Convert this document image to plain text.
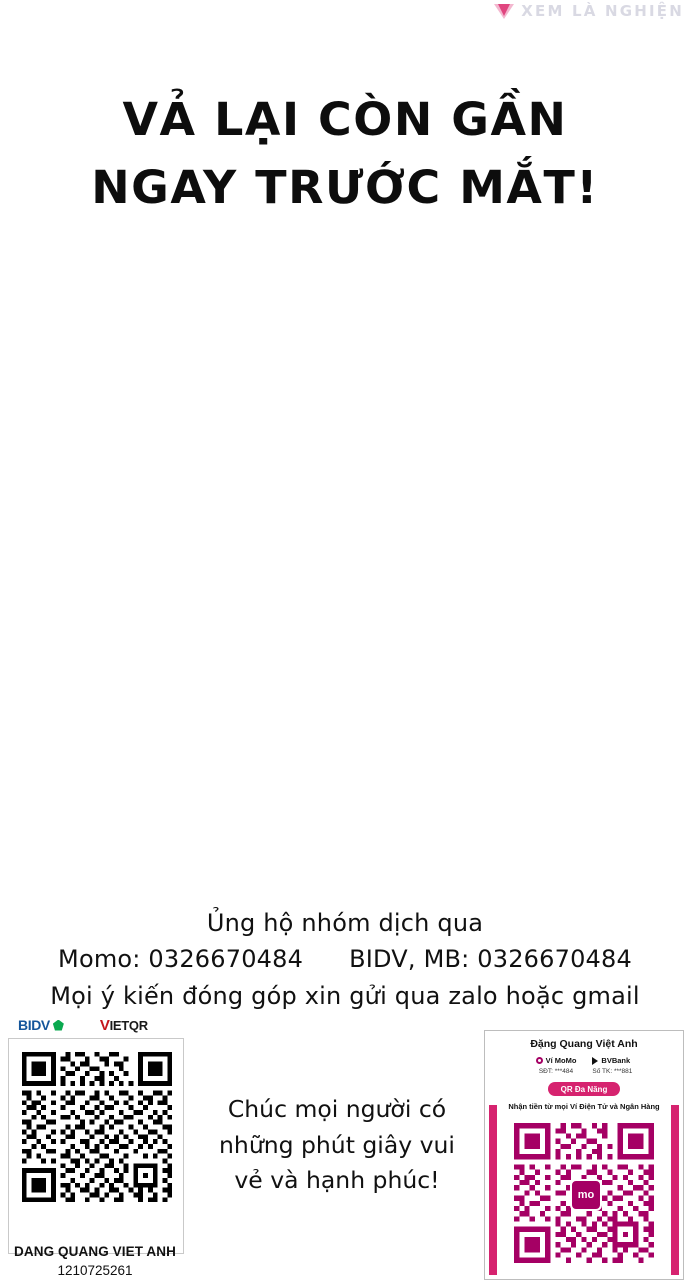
XEM LÀ NGHIỆN
VẢ LẠI CÒN GẦN
NGAY TRƯỚC MẮT!
Ủng hộ nhóm dịch qua
Momo: 0326670484 BIDV, MB: 0326670484
Mọi ý kiến đóng góp xin gửi qua zalo hoặc gmail
BIDV	VIETQR
DANG QUANG VIET ANH
1210725261
Chúc mọi người có
những phút giây vui
vẻ và hạnh phúc!
Đặng Quang Việt Anh
Ví MoMo
SĐT: ***484
BVBank
Số TK: ***881
QR Đa Năng
Nhận tiền từ mọi Ví Điện Tử và Ngân Hàng
mo
